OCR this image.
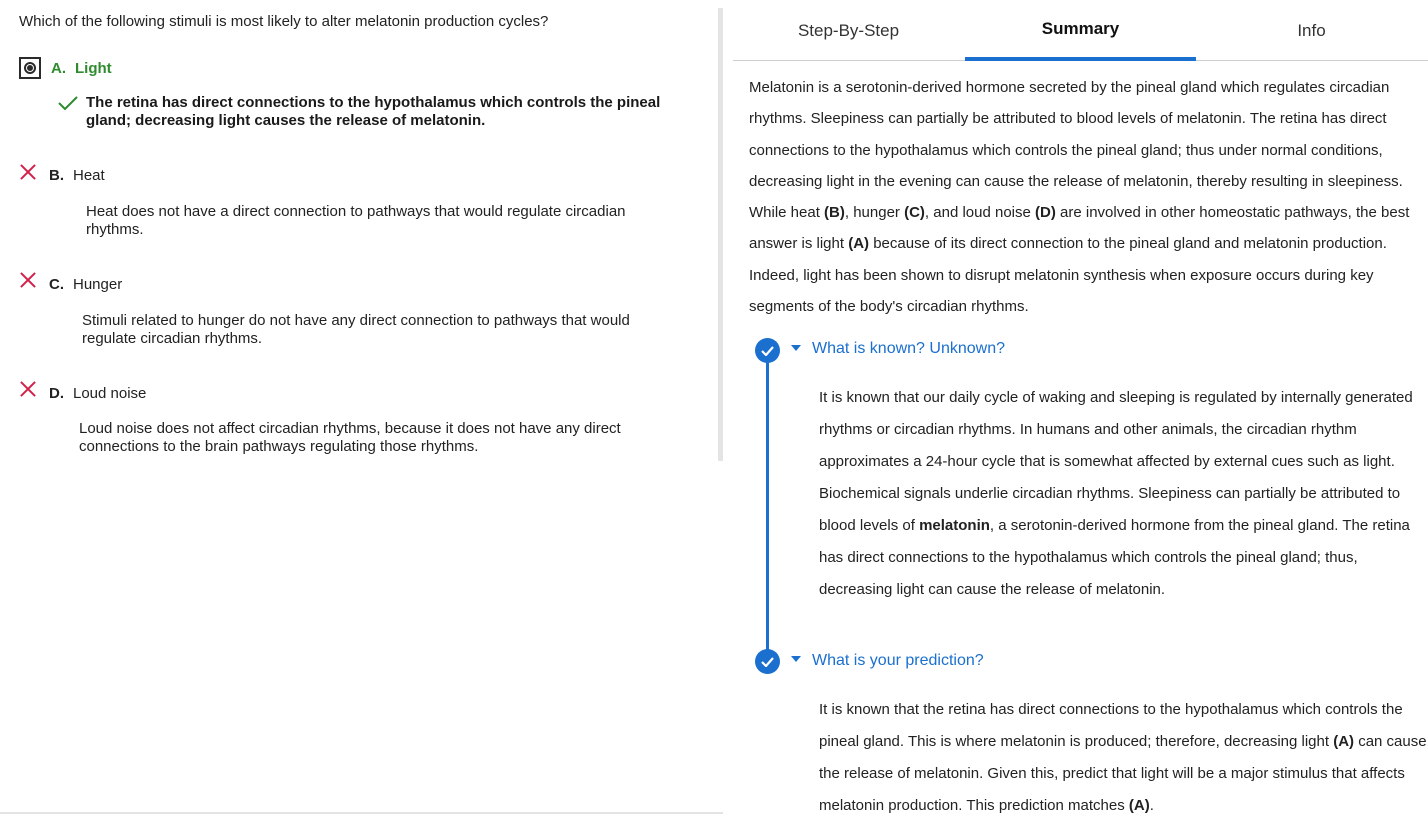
Which of the following stimuli is most likely to alter melatonin production cycles?
A. Light
The retina has direct connections to the hypothalamus which controls the pineal gland; decreasing light causes the release of melatonin.
B. Heat
Heat does not have a direct connection to pathways that would regulate circadian rhythms.
C. Hunger
Stimuli related to hunger do not have any direct connection to pathways that would regulate circadian rhythms.
D. Loud noise
Loud noise does not affect circadian rhythms, because it does not have any direct connections to the brain pathways regulating those rhythms.
Step-By-Step	Summary	Info
Melatonin is a serotonin-derived hormone secreted by the pineal gland which regulates circadian rhythms. Sleepiness can partially be attributed to blood levels of melatonin. The retina has direct connections to the hypothalamus which controls the pineal gland; thus under normal conditions, decreasing light in the evening can cause the release of melatonin, thereby resulting in sleepiness. While heat (B), hunger (C), and loud noise (D) are involved in other homeostatic pathways, the best answer is light (A) because of its direct connection to the pineal gland and melatonin production. Indeed, light has been shown to disrupt melatonin synthesis when exposure occurs during key segments of the body's circadian rhythms.
What is known? Unknown?
It is known that our daily cycle of waking and sleeping is regulated by internally generated rhythms or circadian rhythms. In humans and other animals, the circadian rhythm approximates a 24-hour cycle that is somewhat affected by external cues such as light. Biochemical signals underlie circadian rhythms. Sleepiness can partially be attributed to blood levels of melatonin, a serotonin-derived hormone from the pineal gland. The retina has direct connections to the hypothalamus which controls the pineal gland; thus, decreasing light can cause the release of melatonin.
What is your prediction?
It is known that the retina has direct connections to the hypothalamus which controls the pineal gland. This is where melatonin is produced; therefore, decreasing light (A) can cause the release of melatonin. Given this, predict that light will be a major stimulus that affects melatonin production. This prediction matches (A).
